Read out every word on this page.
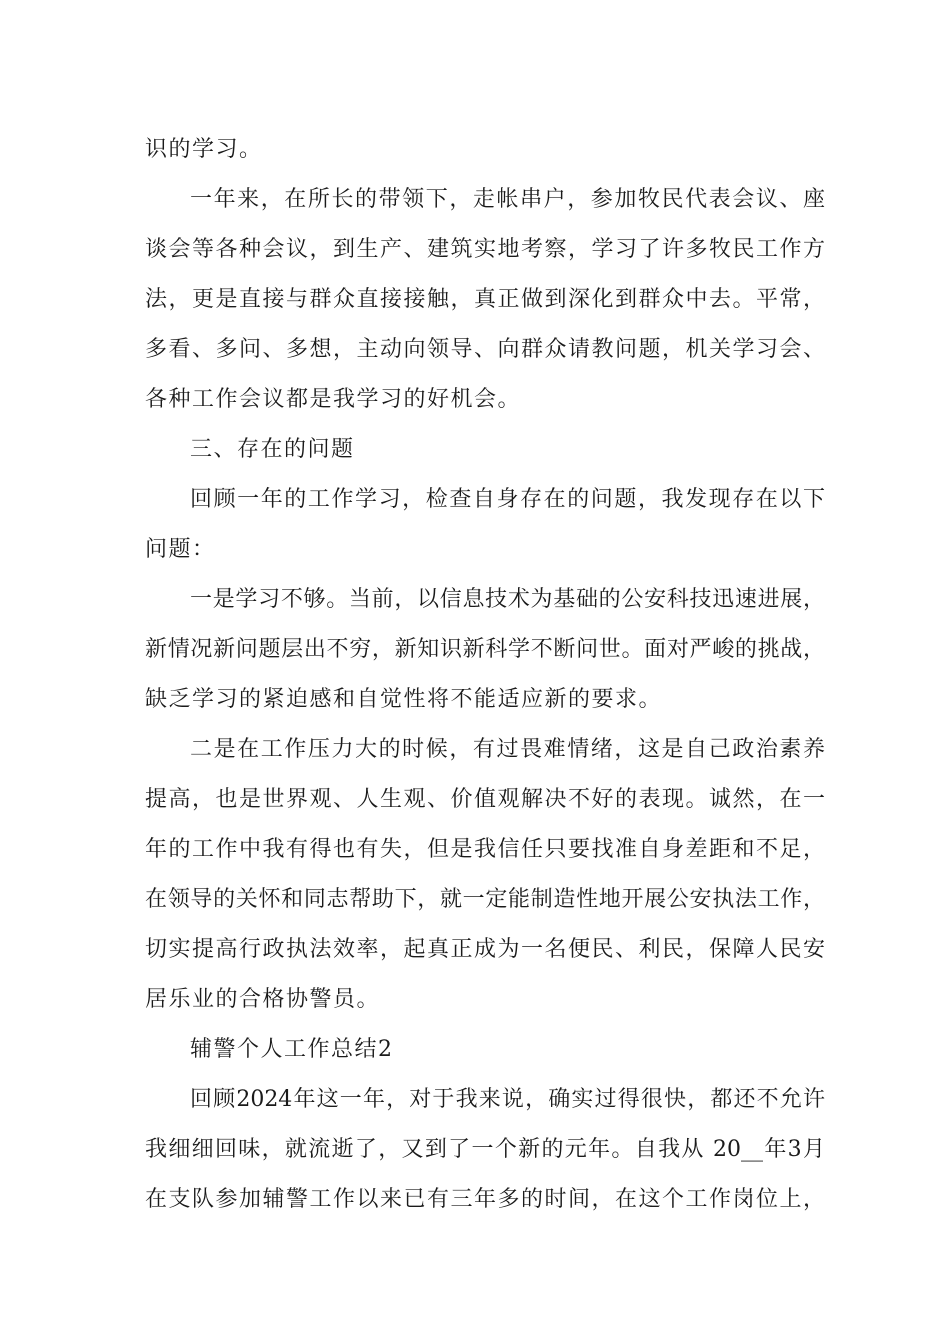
识的学习。

一年来，在所长的带领下，走帐串户，参加牧民代表会议、座

谈会等各种会议，到生产、建筑实地考察，学习了许多牧民工作方

法，更是直接与群众直接接触，真正做到深化到群众中去。平常，

多看、多问、多想，主动向领导、向群众请教问题，机关学习会、

各种工作会议都是我学习的好机会。

三、存在的问题

回顾一年的工作学习，检查自身存在的问题，我发现存在以下

问题：

一是学习不够。当前，以信息技术为基础的公安科技迅速进展，

新情况新问题层出不穷，新知识新科学不断问世。面对严峻的挑战，

缺乏学习的紧迫感和自觉性将不能适应新的要求。

二是在工作压力大的时候，有过畏难情绪，这是自己政治素养

提高，也是世界观、人生观、价值观解决不好的表现。诚然，在一

年的工作中我有得也有失，但是我信任只要找准自身差距和不足，

在领导的关怀和同志帮助下，就一定能制造性地开展公安执法工作，

切实提高行政执法效率，起真正成为一名便民、利民，保障人民安

居乐业的合格协警员。

辅警个人工作总结2

回顾2024年这一年，对于我来说，确实过得很快，都还不允许

我细细回味，就流逝了，又到了一个新的元年。自我从 20__年3月

在支队参加辅警工作以来已有三年多的时间，在这个工作岗位上，
